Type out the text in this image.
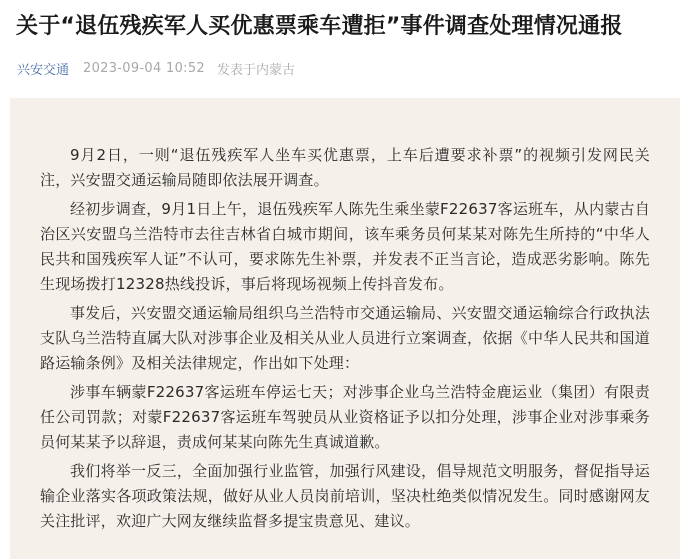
关于“退伍残疾军人买优惠票乘车遭拒”事件调查处理情况通报
兴安交通 2023-09-04 10:52 发表于内蒙古

9月2日，一则“退伍残疾军人坐车买优惠票，上车后遭要求补票”的视频引发网民关注，兴安盟交通运输局随即依法展开调查。

经初步调查，9月1日上午，退伍残疾军人陈先生乘坐蒙F22637客运班车，从内蒙古自治区兴安盟乌兰浩特市去往吉林省白城市期间，该车乘务员何某某对陈先生所持的“中华人民共和国残疾军人证”不认可，要求陈先生补票，并发表不正当言论，造成恶劣影响。陈先生现场拨打12328热线投诉，事后将现场视频上传抖音发布。

事发后，兴安盟交通运输局组织乌兰浩特市交通运输局、兴安盟交通运输综合行政执法支队乌兰浩特直属大队对涉事企业及相关从业人员进行立案调查，依据《中华人民共和国道路运输条例》及相关法律规定，作出如下处理：

涉事车辆蒙F22637客运班车停运七天；对涉事企业乌兰浩特金鹿运业（集团）有限责任公司罚款；对蒙F22637客运班车驾驶员从业资格证予以扣分处理，涉事企业对涉事乘务员何某某予以辞退，责成何某某向陈先生真诚道歉。

我们将举一反三，全面加强行业监管，加强行风建设，倡导规范文明服务，督促指导运输企业落实各项政策法规，做好从业人员岗前培训，坚决杜绝类似情况发生。同时感谢网友关注批评，欢迎广大网友继续监督多提宝贵意见、建议。
